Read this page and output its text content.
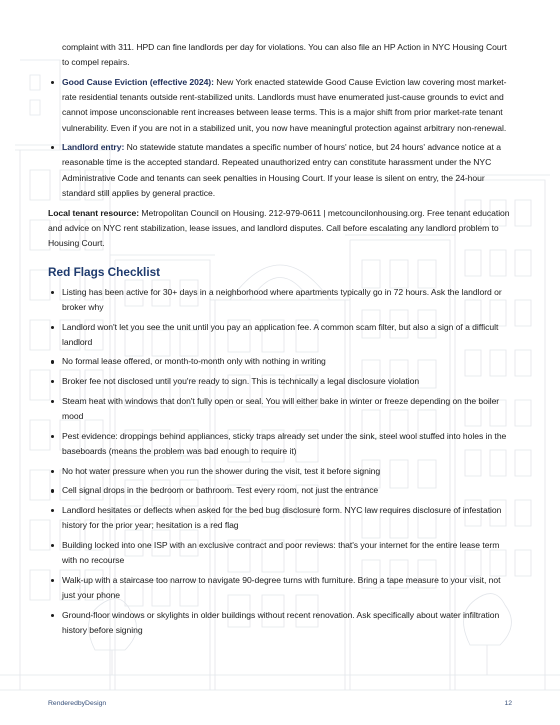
complaint with 311. HPD can fine landlords per day for violations. You can also file an HP Action in NYC Housing Court to compel repairs.

Good Cause Eviction (effective 2024): New York enacted statewide Good Cause Eviction law covering most market-rate residential tenants outside rent-stabilized units. Landlords must have enumerated just-cause grounds to evict and cannot impose unconscionable rent increases between lease terms. This is a major shift from prior market-rate tenant vulnerability. Even if you are not in a stabilized unit, you now have meaningful protection against arbitrary non-renewal.
Landlord entry: No statewide statute mandates a specific number of hours' notice, but 24 hours' advance notice at a reasonable time is the accepted standard. Repeated unauthorized entry can constitute harassment under the NYC Administrative Code and tenants can seek penalties in Housing Court. If your lease is silent on entry, the 24-hour standard still applies by general practice.

Local tenant resource: Metropolitan Council on Housing. 212-979-0611 | metcouncilonhousing.org. Free tenant education and advice on NYC rent stabilization, lease issues, and landlord disputes. Call before escalating any landlord problem to Housing Court.

Red Flags Checklist
Listing has been active for 30+ days in a neighborhood where apartments typically go in 72 hours. Ask the landlord or broker why
Landlord won't let you see the unit until you pay an application fee. A common scam filter, but also a sign of a difficult landlord
No formal lease offered, or month-to-month only with nothing in writing
Broker fee not disclosed until you're ready to sign. This is technically a legal disclosure violation
Steam heat with windows that don't fully open or seal. You will either bake in winter or freeze depending on the boiler mood
Pest evidence: droppings behind appliances, sticky traps already set under the sink, steel wool stuffed into holes in the baseboards (means the problem was bad enough to require it)
No hot water pressure when you run the shower during the visit, test it before signing
Cell signal drops in the bedroom or bathroom. Test every room, not just the entrance
Landlord hesitates or deflects when asked for the bed bug disclosure form. NYC law requires disclosure of infestation history for the prior year; hesitation is a red flag
Building locked into one ISP with an exclusive contract and poor reviews: that's your internet for the entire lease term with no recourse
Walk-up with a staircase too narrow to navigate 90-degree turns with furniture. Bring a tape measure to your visit, not just your phone
Ground-floor windows or skylights in older buildings without recent renovation. Ask specifically about water infiltration history before signing
RenderedbyDesign	12
